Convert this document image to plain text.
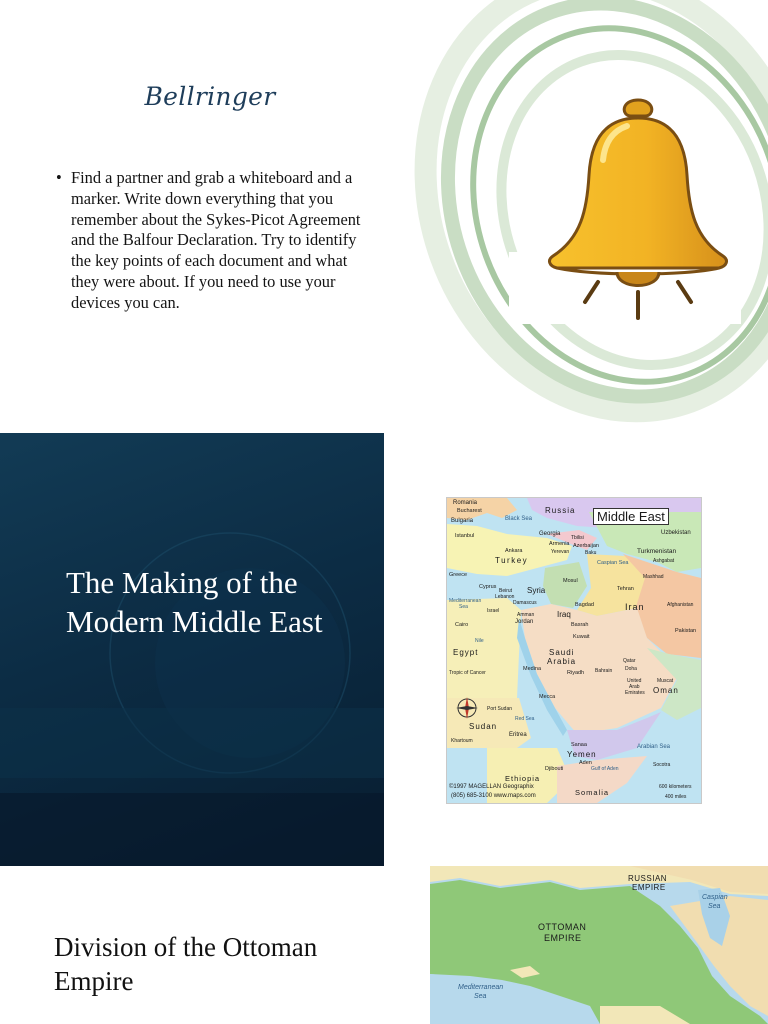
Bellringer
• Find a partner and grab a whiteboard and a marker. Write down everything that you remember about the Sykes-Picot Agreement and the Balfour Declaration. Try to identify the key points of each document and what they were about. If you need to use your devices you can.
The Making of the Modern Middle East
Middle East
Romania
Bucharest
Bulgaria
Istanbul
Black Sea
Russia
Georgia
Tbilisi
Armenia
Yerevan
Azerbaijan
Baku
Caspian Sea
Uzbekistan
Turkmenistan
Ashgabat
Mashhad
Afghanistan
Ankara
Turkey
Greece
Cyprus
Mosul
Syria
Lebanon
Beirut
Damascus
Mediterranean
Sea
Israel
Amman
Jordan
Bagdad
Iraq
Tehran
Iran
Cairo
Nile
Basrah
Kuwait
Pakistan
Egypt	Saudi
Arabia
Medina	Bahrain
Qatar
Doha
Riyadh
Tropic of Cancer
United
Arab
Emirates
Muscat
Oman
Mecca
Port Sudan
Sudan
Red Sea
Eritrea
Khartoum
Sanaa
Yemen
Arabian Sea
Aden	Socotra
Djibouti	Gulf of Aden
Ethiopia
Somalia
600 kilometers
400 miles
©1997 MAGELLAN Geographix
(805) 685-3100 www.maps.com
Division of the Ottoman Empire
RUSSIAN
EMPIRE
OTTOMAN
EMPIRE
Caspian
Sea
Mediterranean
Sea
